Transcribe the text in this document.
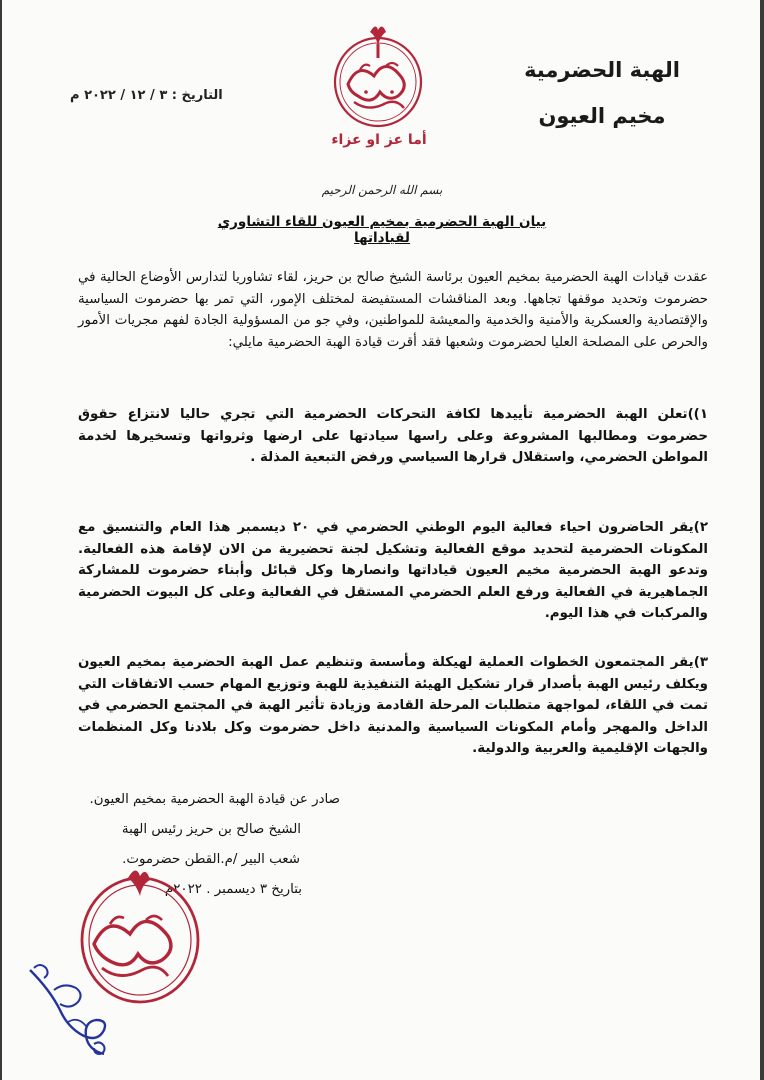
الهبة الحضرمية
مخيم العيون
أما عز او عزاء
التاريخ : ٣ / ١٢ / ٢٠٢٢ م
بسم الله الرحمن الرحيم
بيان الهبة الحضرمية بمخيم العيون للقاء التشاوري لقياداتها

عقدت قيادات الهبة الحضرمية بمخيم العيون برئاسة الشيخ صالح بن حريز، لقاء تشاوريا لتدارس الأوضاع الحالية في حضرموت وتحديد موقفها تجاهها. وبعد المناقشات المستفيضة لمختلف الإمور، التي تمر بها حضرموت السياسية والإقتصادية والعسكرية والأمنية والخدمية والمعيشة للمواطنين، وفي جو من المسؤولية الجادة لفهم مجريات الأمور والحرص على المصلحة العليا لحضرموت وشعبها فقد أقرت قيادة الهبة الحضرمية مايلي:

١))تعلن الهبة الحضرمية تأييدها لكافة التحركات الحضرمية التي تجري حاليا لانتزاع حقوق حضرموت ومطالبها المشروعة وعلى راسها سيادتها على ارضها وثرواتها وتسخيرها لخدمة المواطن الحضرمي، واستقلال قرارها السياسي ورفض التبعية المذلة .

٢)يقر الحاضرون احياء فعالية اليوم الوطني الحضرمي في ٢٠ ديسمبر هذا العام والتنسيق مع المكونات الحضرمية لتحديد موقع الفعالية وتشكيل لجنة تحضيرية من الان لإقامة هذه الفعالية. وتدعو الهبة الحضرمية مخيم العيون قياداتها وانصارها وكل قبائل وأبناء حضرموت للمشاركة الجماهيرية في الفعالية ورفع العلم الحضرمي المستقل في الفعالية وعلى كل البيوت الحضرمية والمركبات في هذا اليوم.

٣)يقر المجتمعون الخطوات العملية لهيكلة ومأسسة وتنظيم عمل الهبة الحضرمية بمخيم العيون ويكلف رئيس الهبة بأصدار قرار تشكيل الهيئة التنفيذية للهبة وتوزيع المهام حسب الاتفاقات التي تمت في اللقاء، لمواجهة متطلبات المرحلة القادمة وزيادة تأثير الهبة في المجتمع الحضرمي في الداخل والمهجر وأمام المكونات السياسية والمدنية داخل حضرموت وكل بلادنا وكل المنظمات والجهات الإقليمية والعربية والدولية.

صادر عن قيادة الهبة الحضرمية بمخيم العيون.
الشيخ صالح بن حريز رئيس الهبة
شعب البير /م.القطن حضرموت.
بتاريخ ٣ ديسمبر . ٢٠٢٢م
